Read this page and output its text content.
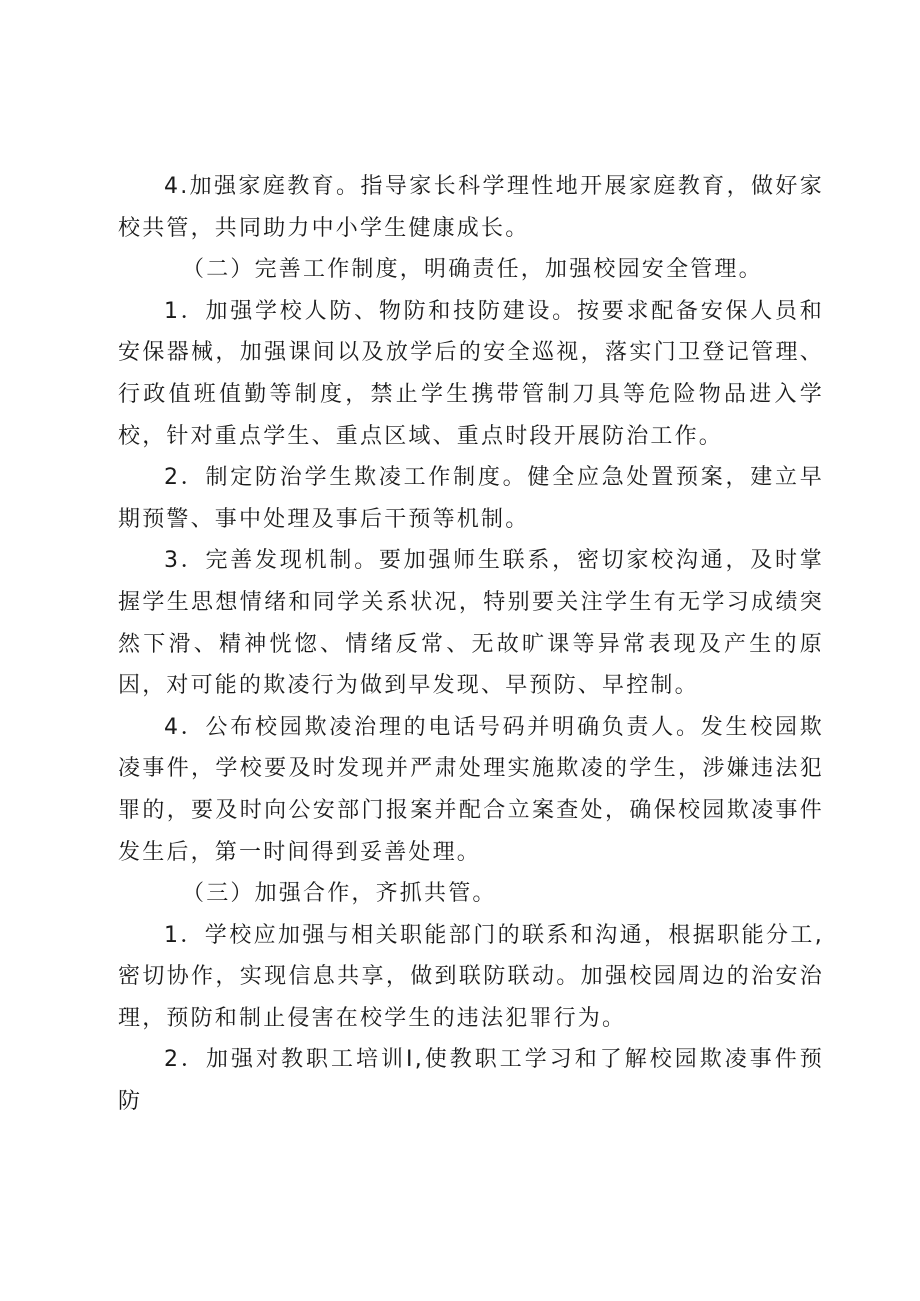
4.加强家庭教育。指导家长科学理性地开展家庭教育，做好家校共管，共同助力中小学生健康成长。

（二）完善工作制度，明确责任，加强校园安全管理。

1．加强学校人防、物防和技防建设。按要求配备安保人员和安保器械，加强课间以及放学后的安全巡视，落实门卫登记管理、行政值班值勤等制度，禁止学生携带管制刀具等危险物品进入学校，针对重点学生、重点区域、重点时段开展防治工作。

2．制定防治学生欺凌工作制度。健全应急处置预案，建立早期预警、事中处理及事后干预等机制。

3．完善发现机制。要加强师生联系，密切家校沟通，及时掌握学生思想情绪和同学关系状况，特别要关注学生有无学习成绩突然下滑、精神恍惚、情绪反常、无故旷课等异常表现及产生的原因，对可能的欺凌行为做到早发现、早预防、早控制。

4．公布校园欺凌治理的电话号码并明确负责人。发生校园欺凌事件，学校要及时发现并严肃处理实施欺凌的学生，涉嫌违法犯罪的，要及时向公安部门报案并配合立案查处，确保校园欺凌事件发生后，第一时间得到妥善处理。

（三）加强合作，齐抓共管。

1．学校应加强与相关职能部门的联系和沟通，根据职能分工,密切协作，实现信息共享，做到联防联动。加强校园周边的治安治理，预防和制止侵害在校学生的违法犯罪行为。

2．加强对教职工培训I,使教职工学习和了解校园欺凌事件预防
